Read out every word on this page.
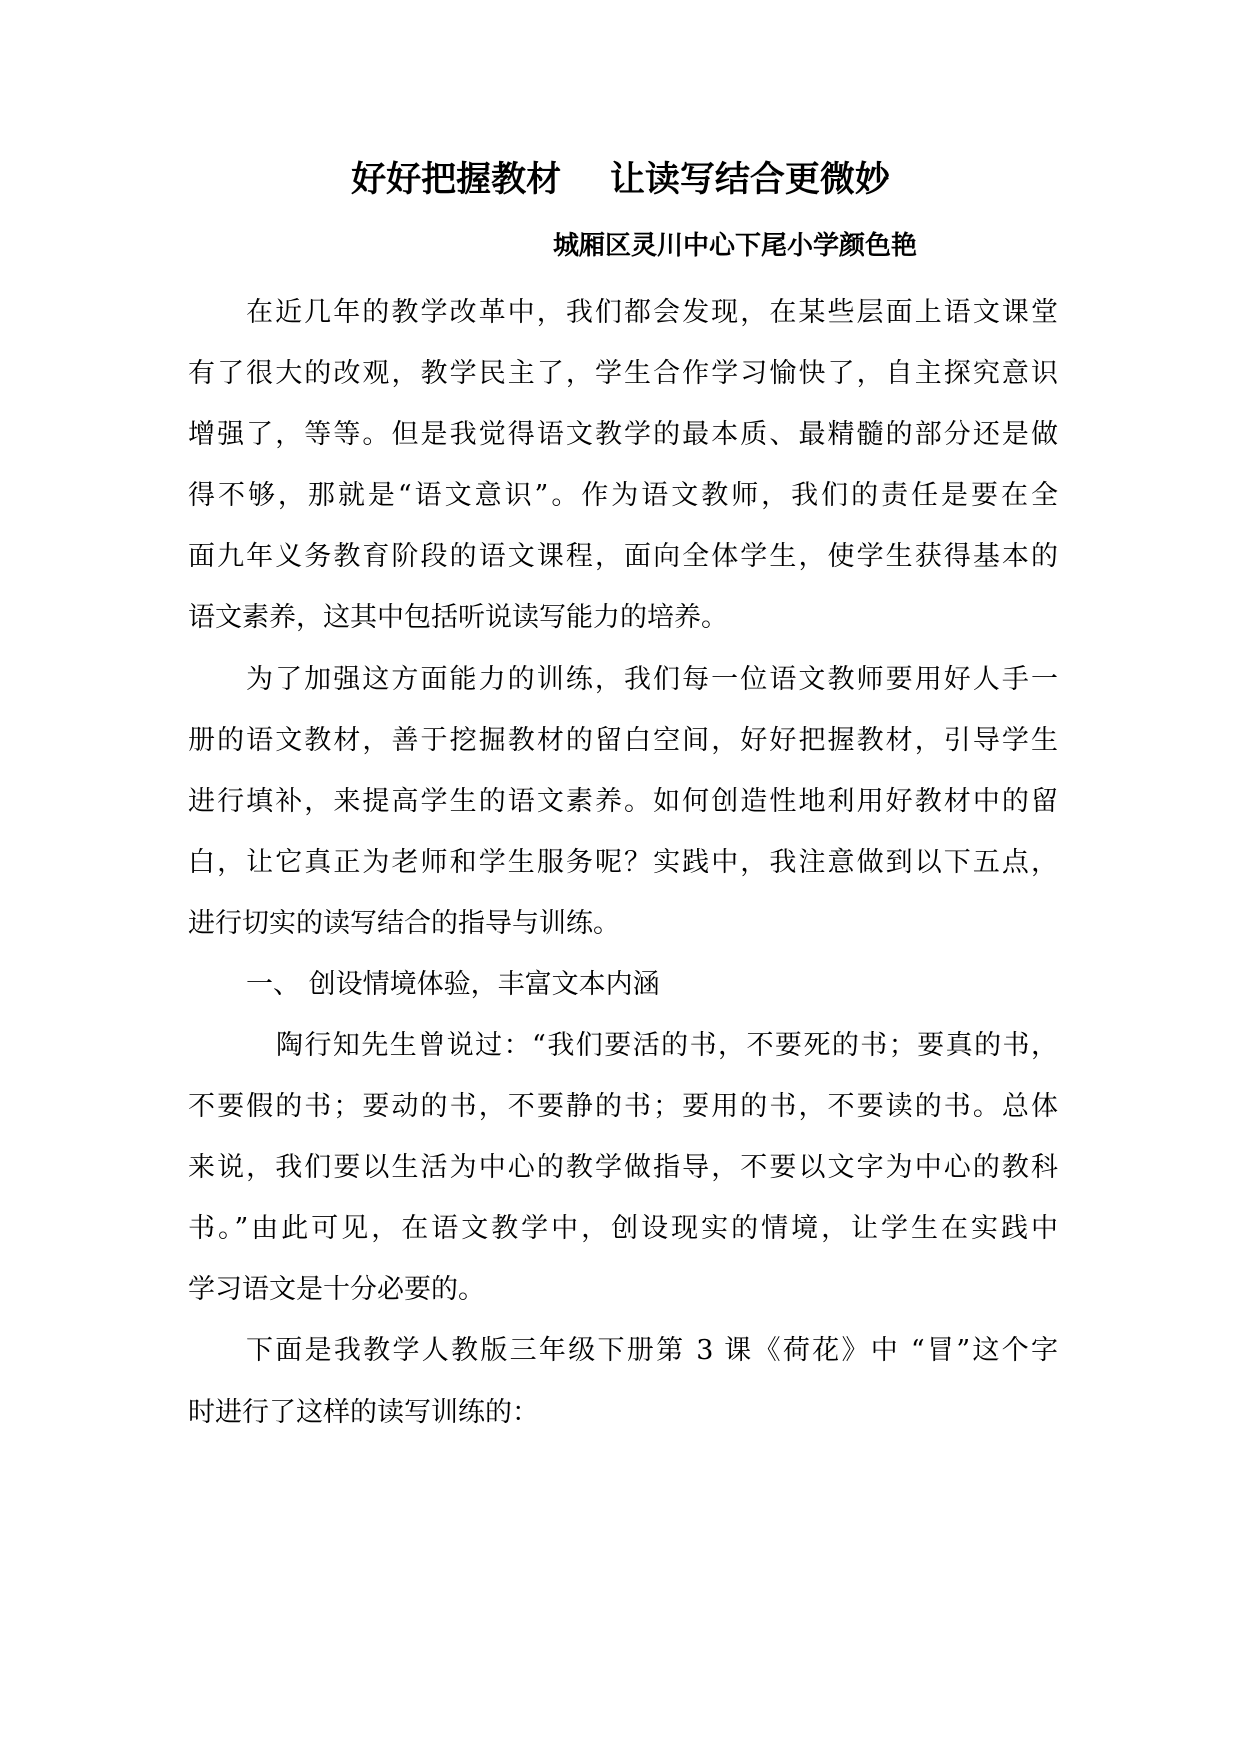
好好把握教材    让读写结合更微妙
城厢区灵川中心下尾小学颜色艳
在近几年的教学改革中，我们都会发现，在某些层面上语文课堂
有了很大的改观，教学民主了，学生合作学习愉快了，自主探究意识
增强了，等等。但是我觉得语文教学的最本质、最精髓的部分还是做
得不够，那就是“语文意识”。作为语文教师，我们的责任是要在全
面九年义务教育阶段的语文课程，面向全体学生，使学生获得基本的
语文素养，这其中包括听说读写能力的培养。
为了加强这方面能力的训练，我们每一位语文教师要用好人手一
册的语文教材，善于挖掘教材的留白空间，好好把握教材，引导学生
进行填补，来提高学生的语文素养。如何创造性地利用好教材中的留
白，让它真正为老师和学生服务呢？实践中，我注意做到以下五点，
进行切实的读写结合的指导与训练。
一、 创设情境体验，丰富文本内涵
陶行知先生曾说过：“我们要活的书，不要死的书；要真的书，
不要假的书；要动的书，不要静的书；要用的书，不要读的书。总体
来说，我们要以生活为中心的教学做指导，不要以文字为中心的教科
书。”由此可见，在语文教学中，创设现实的情境，让学生在实践中
学习语文是十分必要的。
下面是我教学人教版三年级下册第 3 课《荷花》中 “冒”这个字
时进行了这样的读写训练的：
